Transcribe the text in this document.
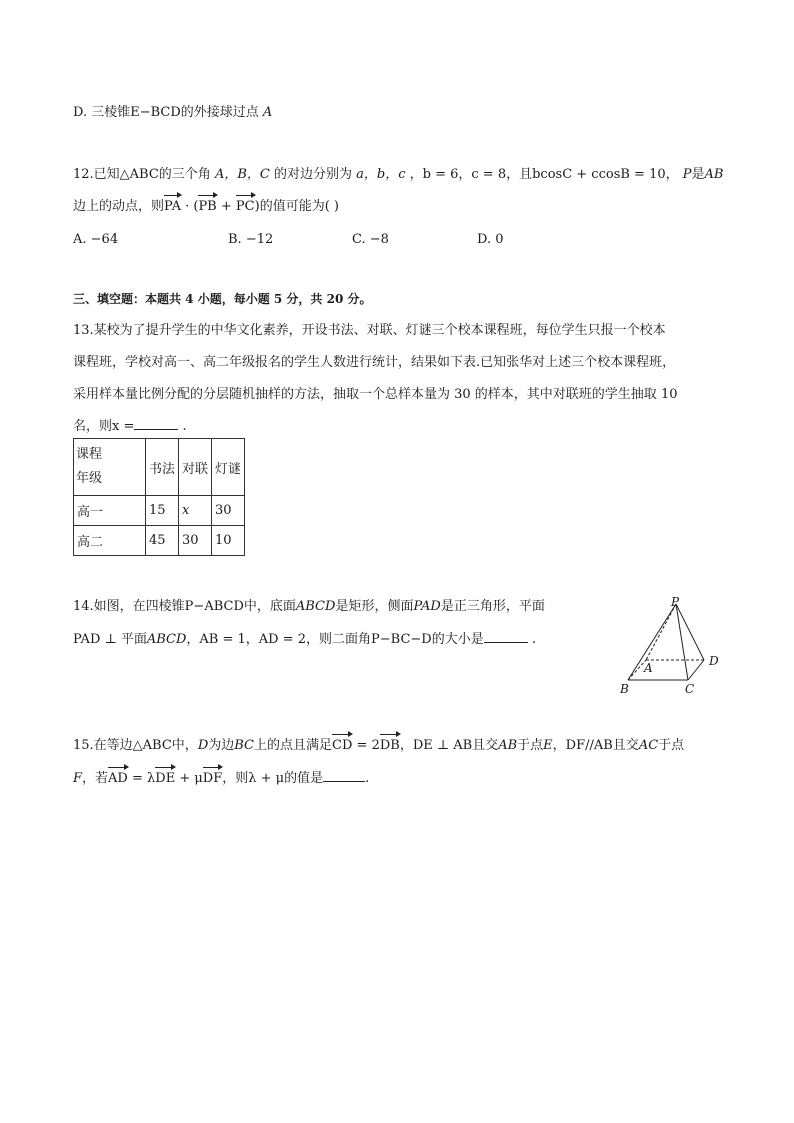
D. 三棱锥E−BCD的外接球过点 A
12.已知△ABC的三个角 A，B，C 的对边分别为 a，b，c ，b = 6，c = 8，且bcosC + ccosB = 10， P是AB
边上的动点，则PA · (PB + PC)的值可能为( )
A. −64	B. −12	C. −8	D. 0
三、填空题：本题共 4 小题，每小题 5 分，共 20 分。
13.某校为了提升学生的中华文化素养，开设书法、对联、灯谜三个校本课程班，每位学生只报一个校本
课程班，学校对高一、高二年级报名的学生人数进行统计，结果如下表.已知张华对上述三个校本课程班，
采用样本量比例分配的分层随机抽样的方法，抽取一个总样本量为 30 的样本，其中对联班的学生抽取 10
名，则x =	.
课程
年级	书法	对联	灯谜
高一	15	x	30
高二	45	30	10
14.如图，在四棱锥P−ABCD中，底面ABCD是矩形，侧面PAD是正三角形，平面
PAD ⊥ 平面ABCD，AB = 1，AD = 2，则二面角P−BC−D的大小是	.
P
A
B	C
D
15.在等边△ABC中，D为边BC上的点且满足CD = 2DB，DE ⊥ AB且交AB于点E，DF//AB且交AC于点
F，若AD = λDE + μDF，则λ + μ的值是	.
